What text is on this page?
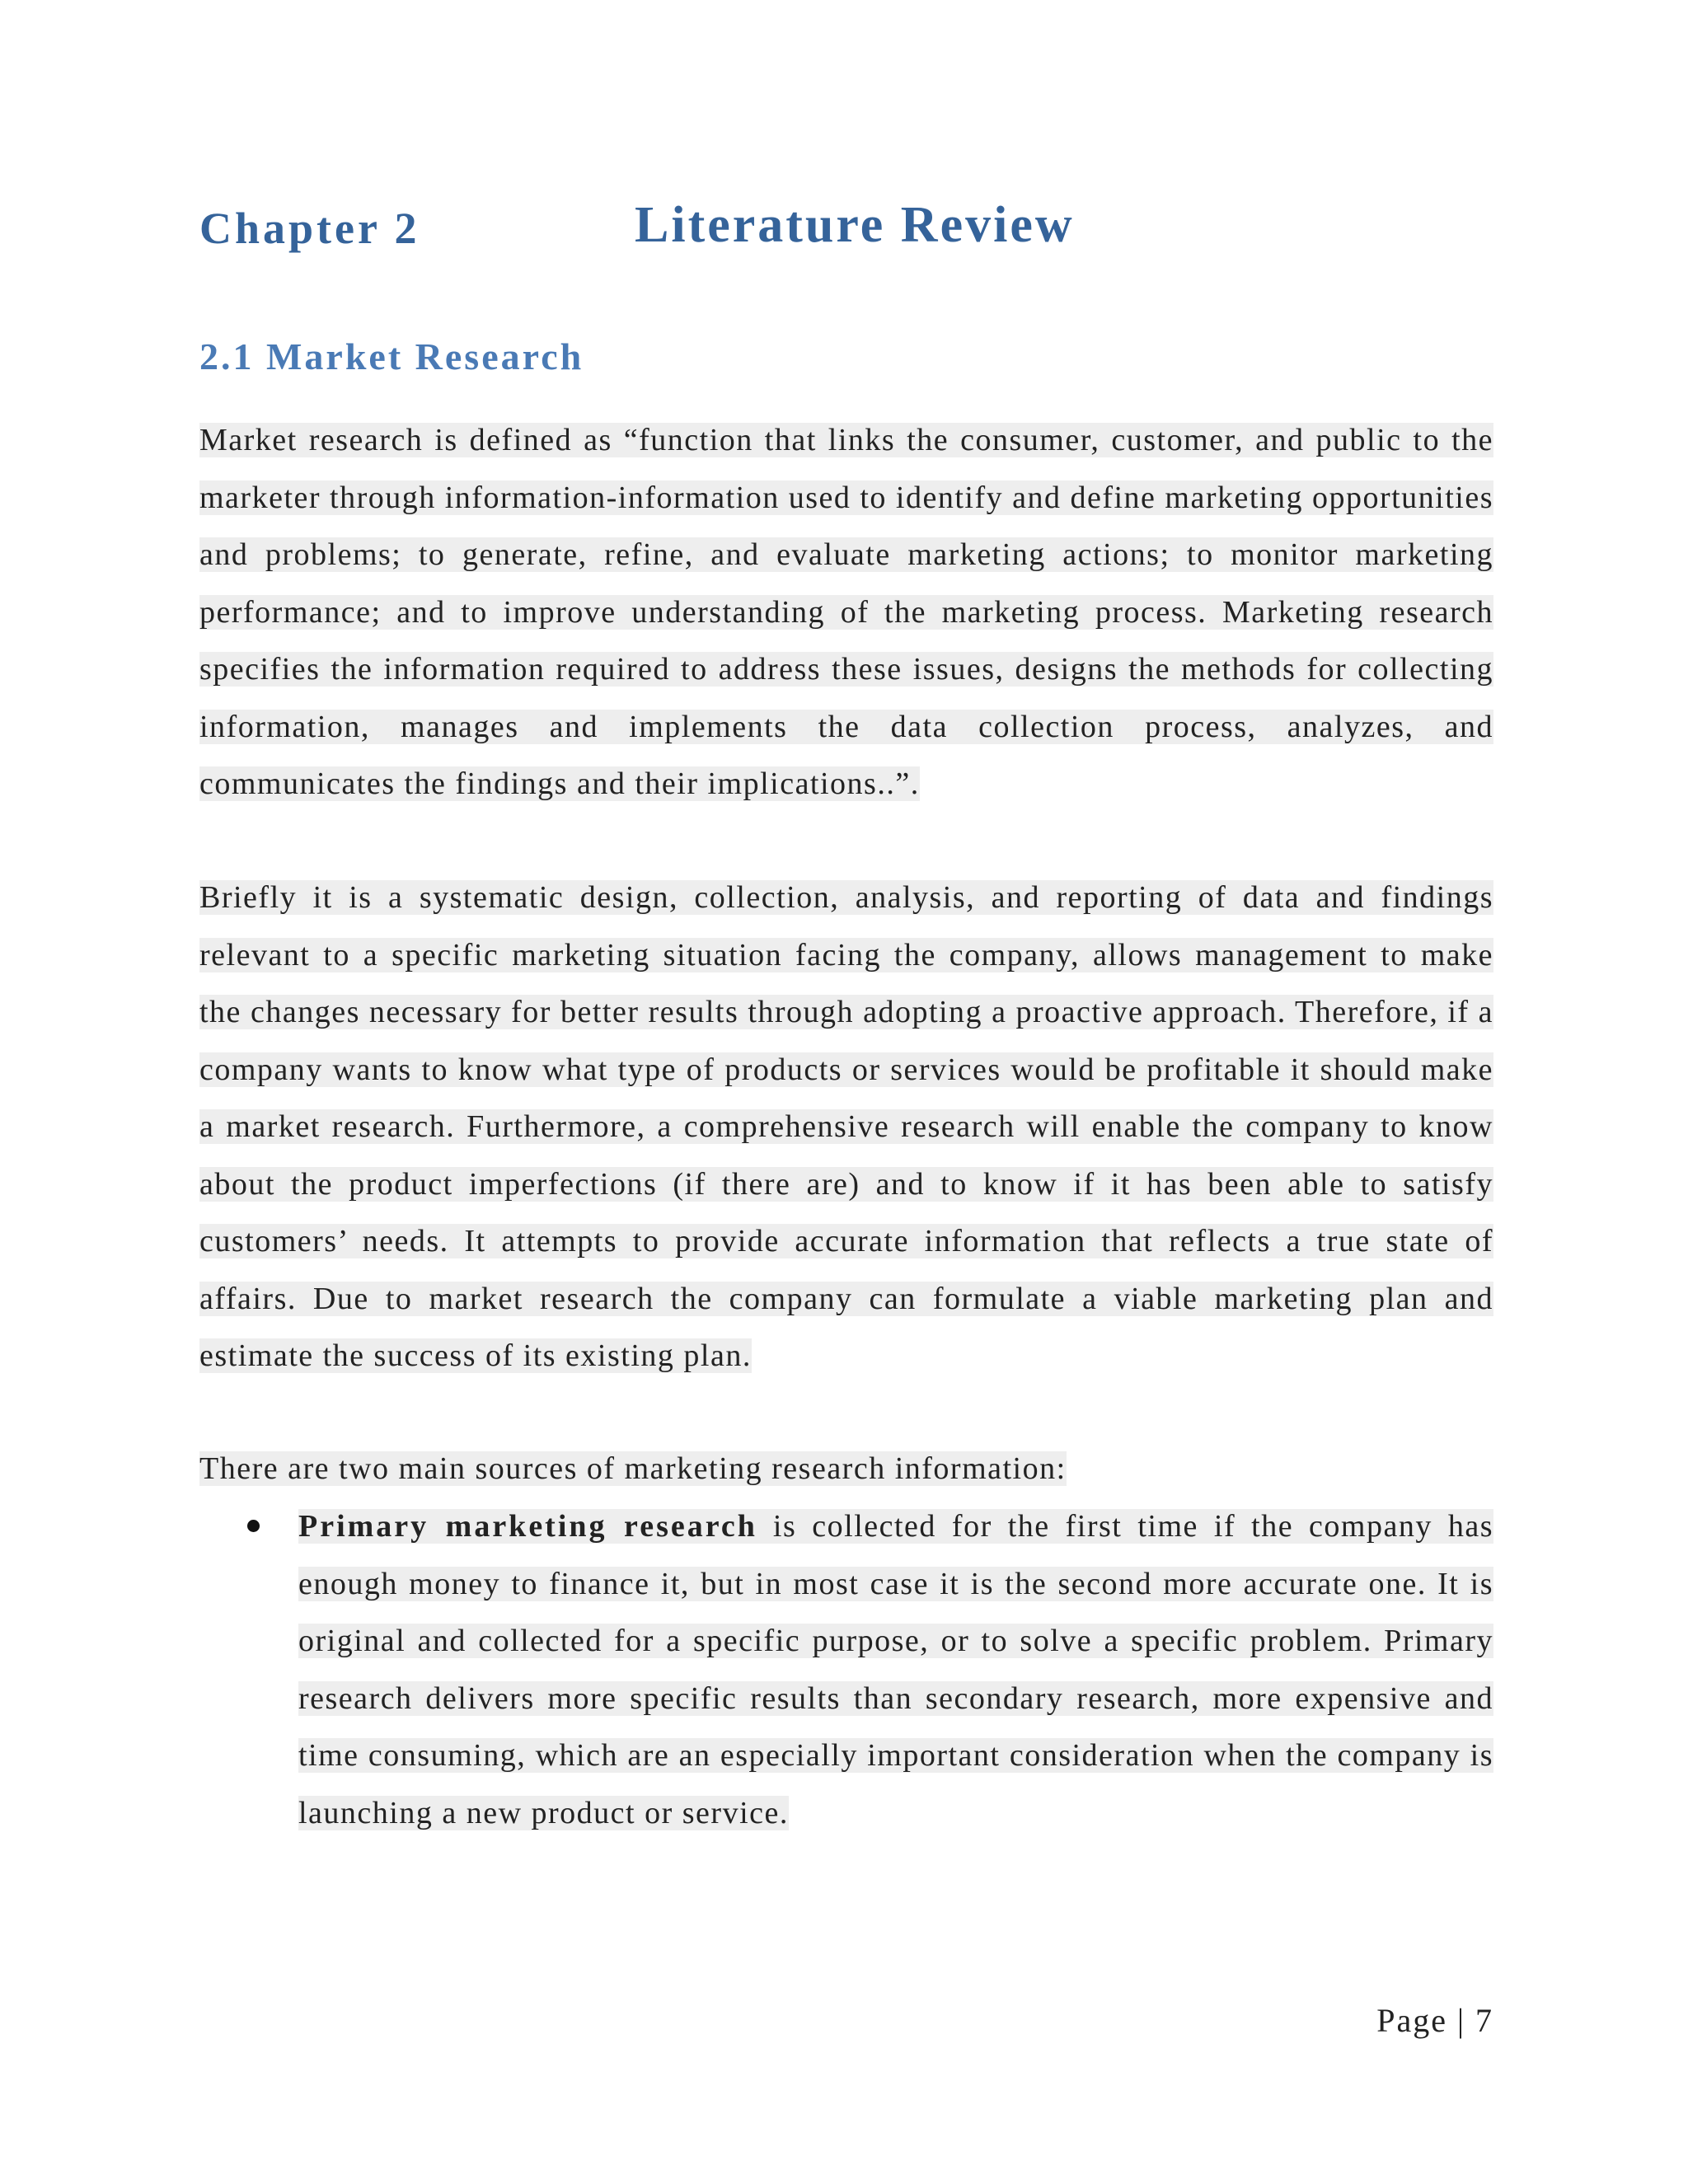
Chapter 2	Literature Review
2.1 Market Research
Market research is defined as “function that links the consumer, customer, and public to the marketer through information-information used to identify and define marketing opportunities and problems; to generate, refine, and evaluate marketing actions; to monitor marketing performance; and to improve understanding of the marketing process. Marketing research specifies the information required to address these issues, designs the methods for collecting information, manages and implements the data collection process, analyzes, and communicates the findings and their implications..”.
Briefly it is a systematic design, collection, analysis, and reporting of data and findings relevant to a specific marketing situation facing the company, allows management to make the changes necessary for better results through adopting a proactive approach. Therefore, if a company wants to know what type of products or services would be profitable it should make a market research. Furthermore, a comprehensive research will enable the company to know about the product imperfections (if there are) and to know if it has been able to satisfy customers’ needs. It attempts to provide accurate information that reflects a true state of affairs. Due to market research the company can formulate a viable marketing plan and estimate the success of its existing plan.
There are two main sources of marketing research information:
Primary marketing research is collected for the first time if the company has enough money to finance it, but in most case it is the second more accurate one. It is original and collected for a specific purpose, or to solve a specific problem. Primary research delivers more specific results than secondary research, more expensive and time consuming, which are an especially important consideration when the company is launching a new product or service.
Page | 7
